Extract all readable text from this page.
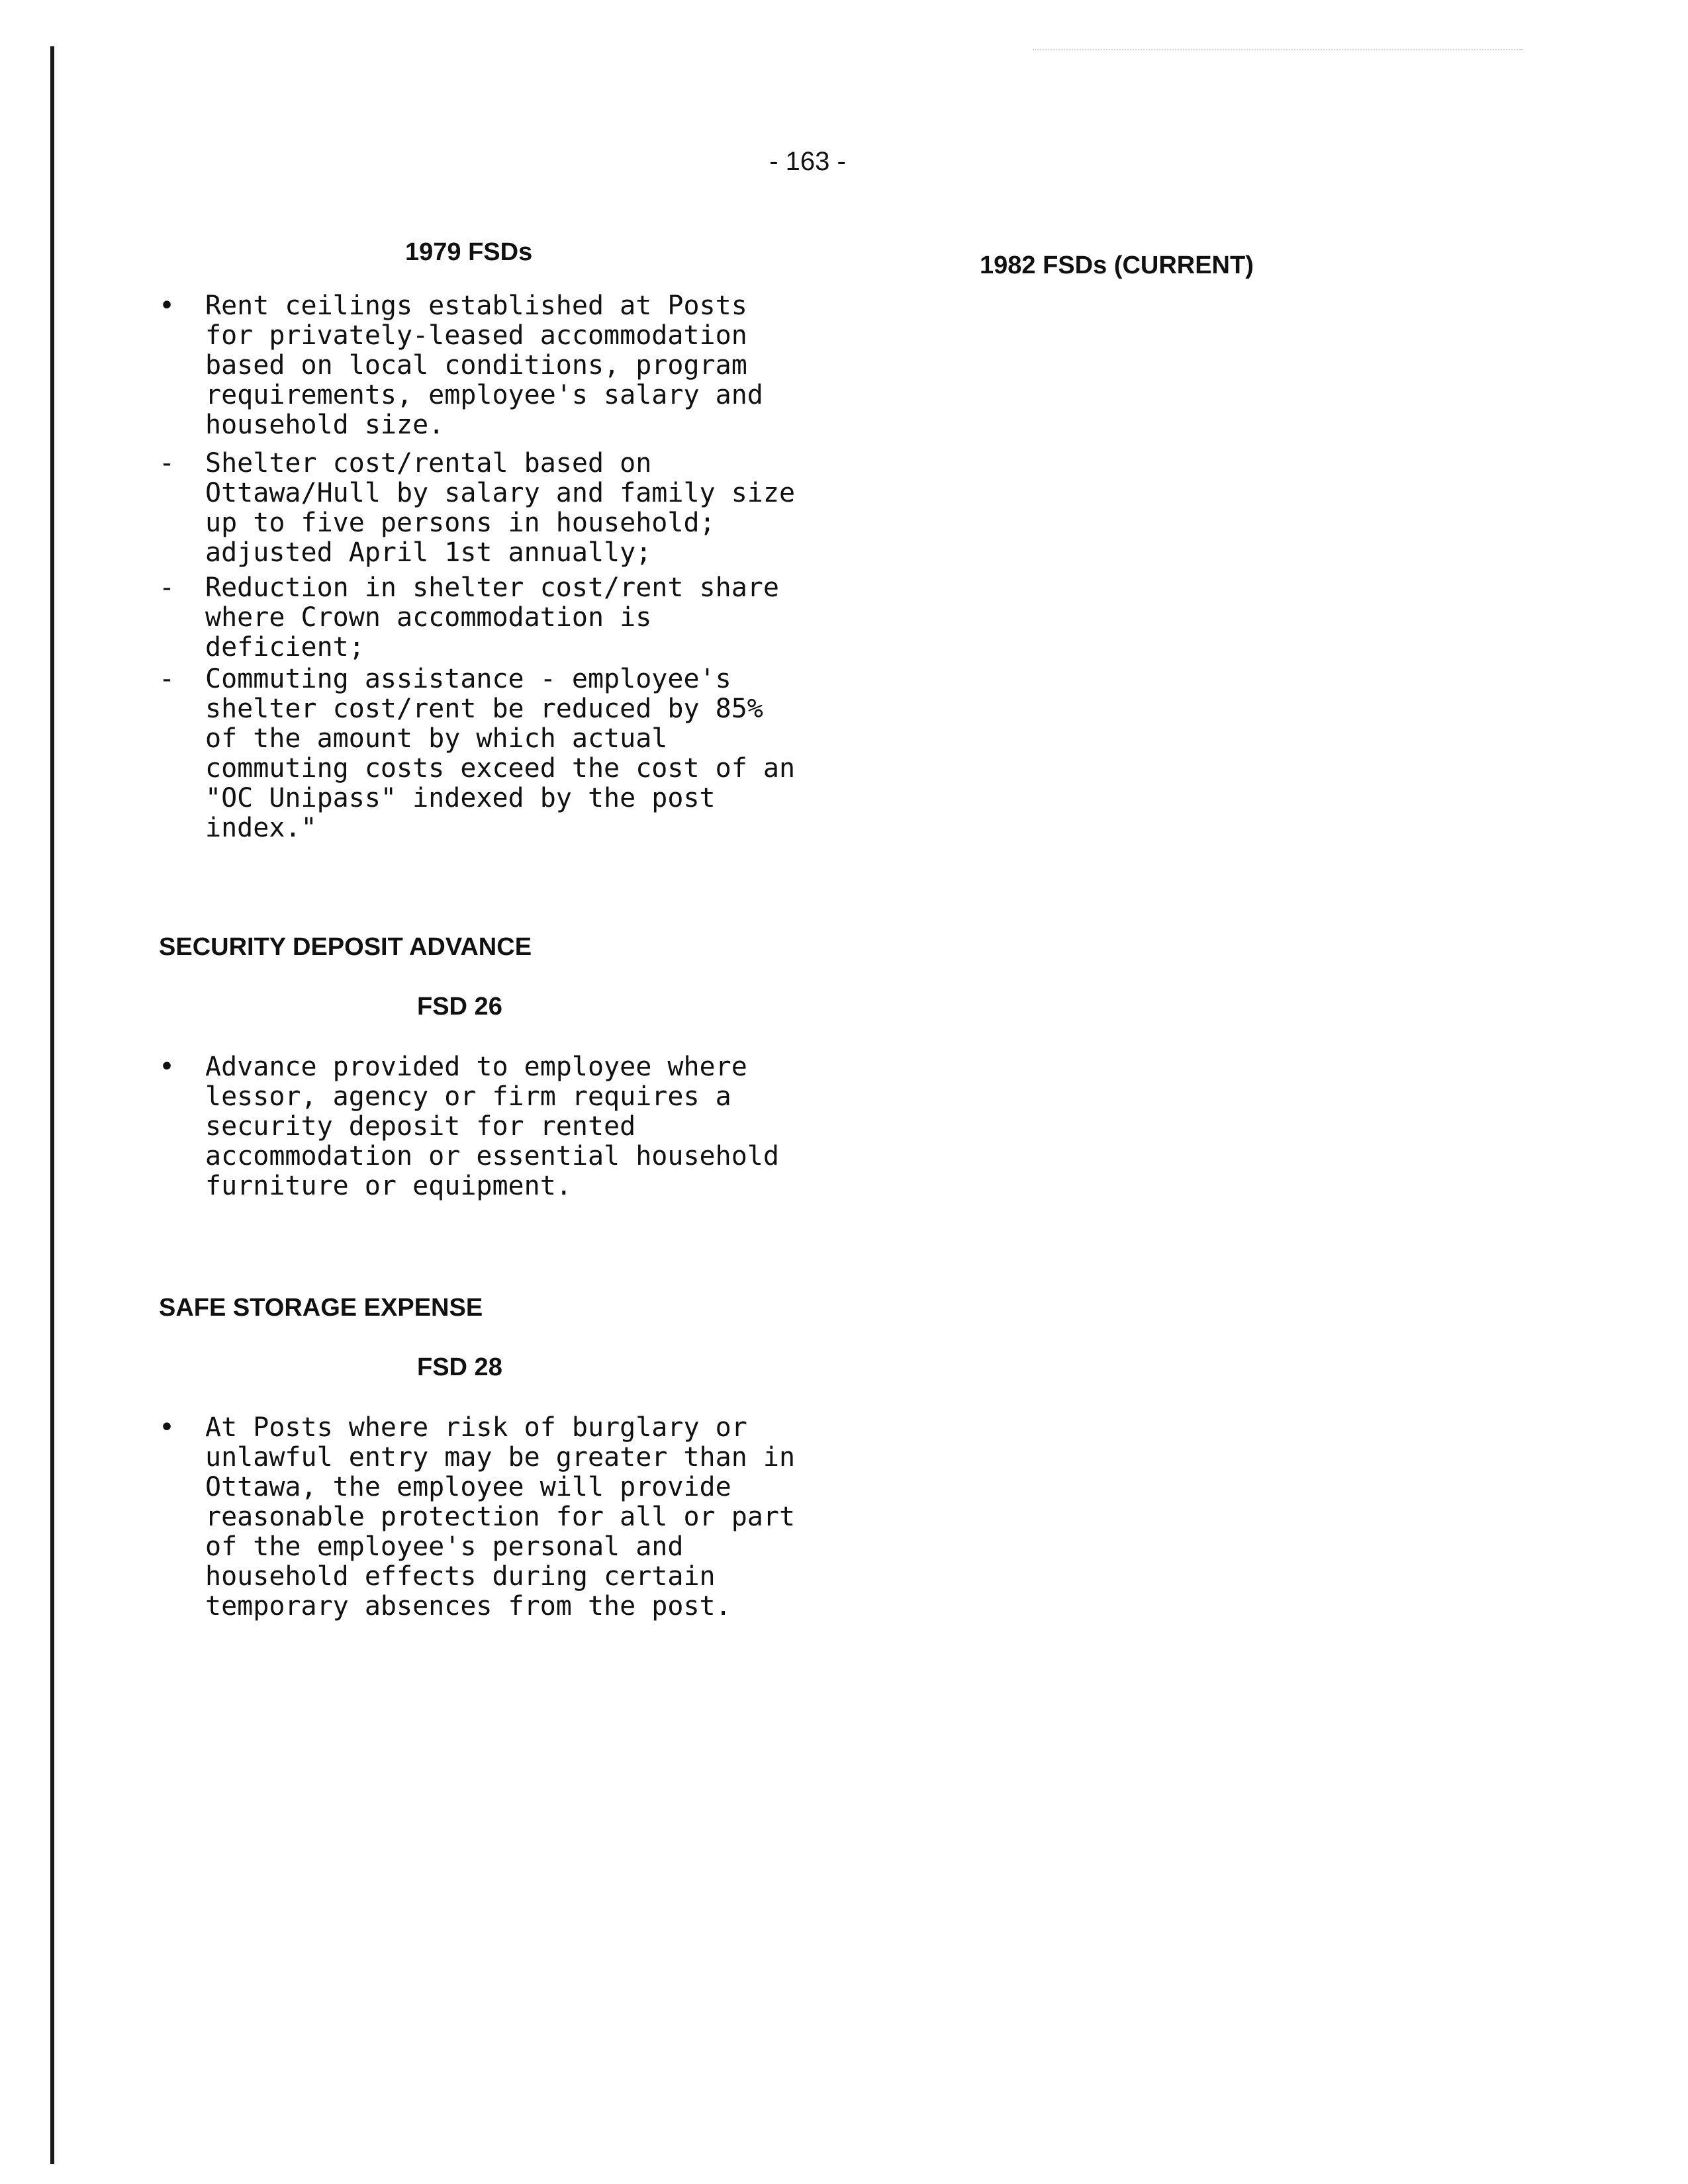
- 163 -
1979 FSDs	1982 FSDs (CURRENT)
•	Rent ceilings established at Posts
for privately-leased accommodation
based on local conditions, program
requirements, employee's salary and
household size.
-	Shelter cost/rental based on
Ottawa/Hull by salary and family size
up to five persons in household;
adjusted April 1st annually;
-	Reduction in shelter cost/rent share
where Crown accommodation is
deficient;
-	Commuting assistance - employee's
shelter cost/rent be reduced by 85%
of the amount by which actual
commuting costs exceed the cost of an
"OC Unipass" indexed by the post
index."
SECURITY DEPOSIT ADVANCE
FSD 26
•	Advance provided to employee where
lessor, agency or firm requires a
security deposit for rented
accommodation or essential household
furniture or equipment.
SAFE STORAGE EXPENSE
FSD 28
•	At Posts where risk of burglary or
unlawful entry may be greater than in
Ottawa, the employee will provide
reasonable protection for all or part
of the employee's personal and
household effects during certain
temporary absences from the post.
